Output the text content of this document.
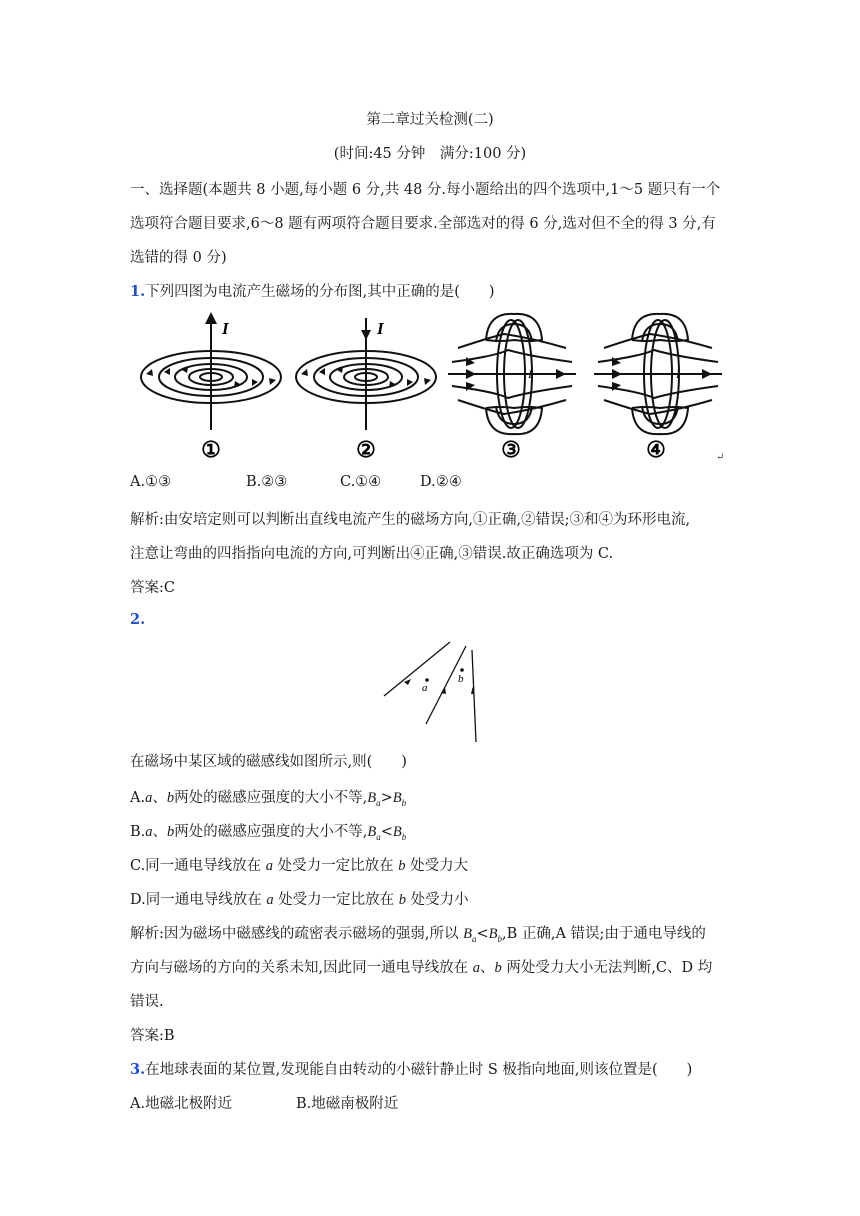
第二章过关检测(二)
(时间:45 分钟　满分:100 分)
一、选择题(本题共 8 小题,每小题 6 分,共 48 分.每小题给出的四个选项中,1～5 题只有一个
选项符合题目要求,6～8 题有两项符合题目要求.全部选对的得 6 分,选对但不全的得 3 分,有
选错的得 0 分)
1.下列四图为电流产生磁场的分布图,其中正确的是(　　)
I
①
I
②
I
③
I
④	↵
A.①③	B.②③	C.①④	D.②④
解析:由安培定则可以判断出直线电流产生的磁场方向,①正确,②错误;③和④为环形电流,
注意让弯曲的四指指向电流的方向,可判断出④正确,③错误.故正确选项为 C.
答案:C
2.
a
b
在磁场中某区域的磁感线如图所示,则(　　)
A.a、b两处的磁感应强度的大小不等$,B_a>B_b$
B.a、b两处的磁感应强度的大小不等$,B_a<B_b$
C.同一通电导线放在 a 处受力一定比放在 b 处受力大
D.同一通电导线放在 a 处受力一定比放在 b 处受力小
解析:因为磁场中磁感线的疏密表示磁场的强弱,所以 $B_a<B_b,B$ 正确,A 错误;由于通电导线的
方向与磁场的方向的关系未知,因此同一通电导线放在 a、b 两处受力大小无法判断,C、D 均
错误.
答案:B
3.在地球表面的某位置,发现能自由转动的小磁针静止时 S 极指向地面,则该位置是(　　)
A.地磁北极附近	B.地磁南极附近
